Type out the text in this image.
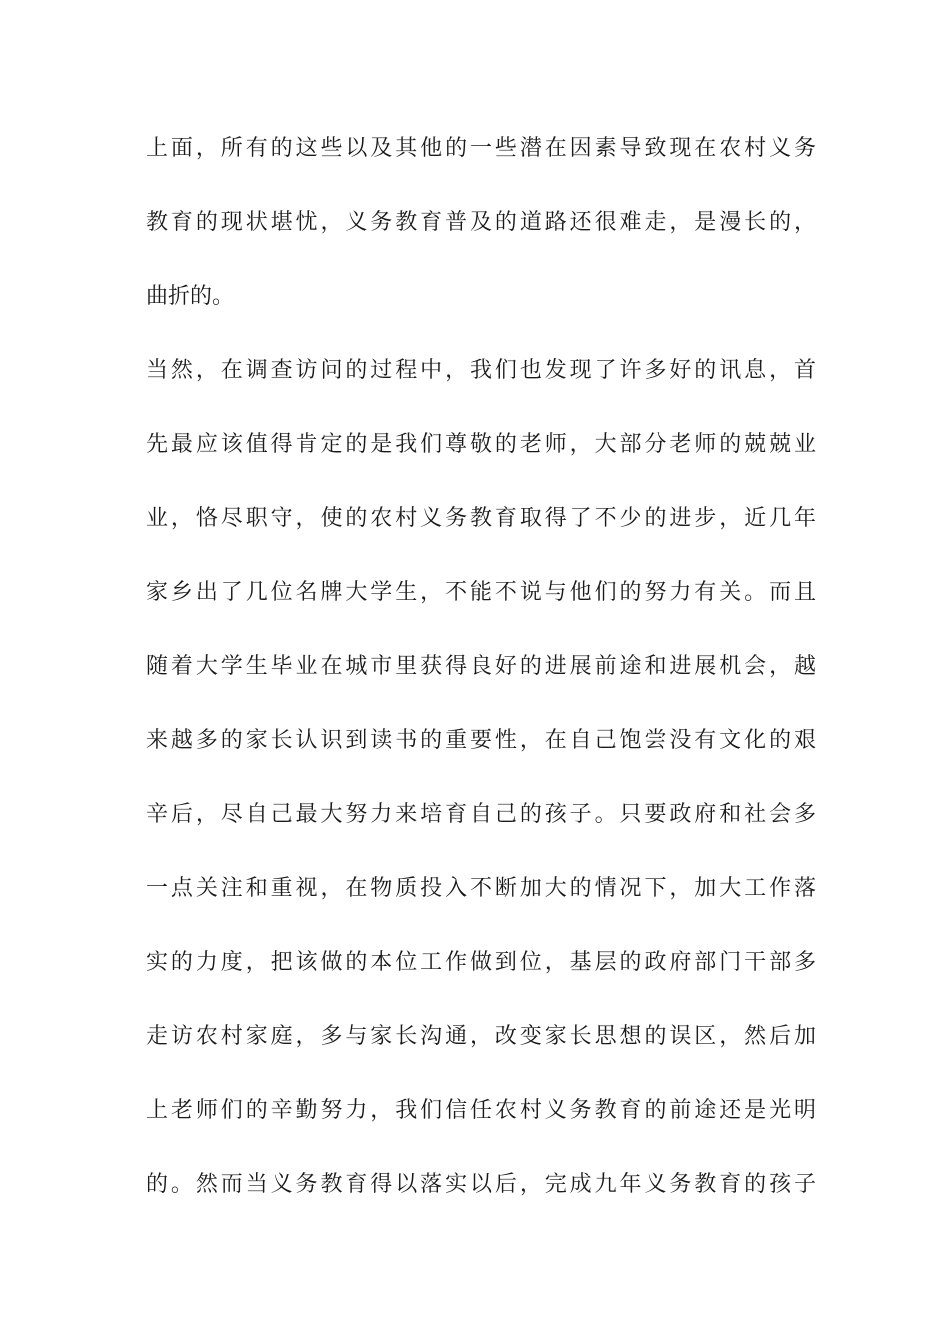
上面，所有的这些以及其他的一些潜在因素导致现在农村义务
教育的现状堪忧，义务教育普及的道路还很难走，是漫长的，
曲折的。
当然，在调查访问的过程中，我们也发现了许多好的讯息，首
先最应该值得肯定的是我们尊敬的老师，大部分老师的兢兢业
业，恪尽职守，使的农村义务教育取得了不少的进步，近几年
家乡出了几位名牌大学生，不能不说与他们的努力有关。而且
随着大学生毕业在城市里获得良好的进展前途和进展机会，越
来越多的家长认识到读书的重要性，在自己饱尝没有文化的艰
辛后，尽自己最大努力来培育自己的孩子。只要政府和社会多
一点关注和重视，在物质投入不断加大的情况下，加大工作落
实的力度，把该做的本位工作做到位，基层的政府部门干部多
走访农村家庭，多与家长沟通，改变家长思想的误区，然后加
上老师们的辛勤努力，我们信任农村义务教育的前途还是光明
的。然而当义务教育得以落实以后，完成九年义务教育的孩子
